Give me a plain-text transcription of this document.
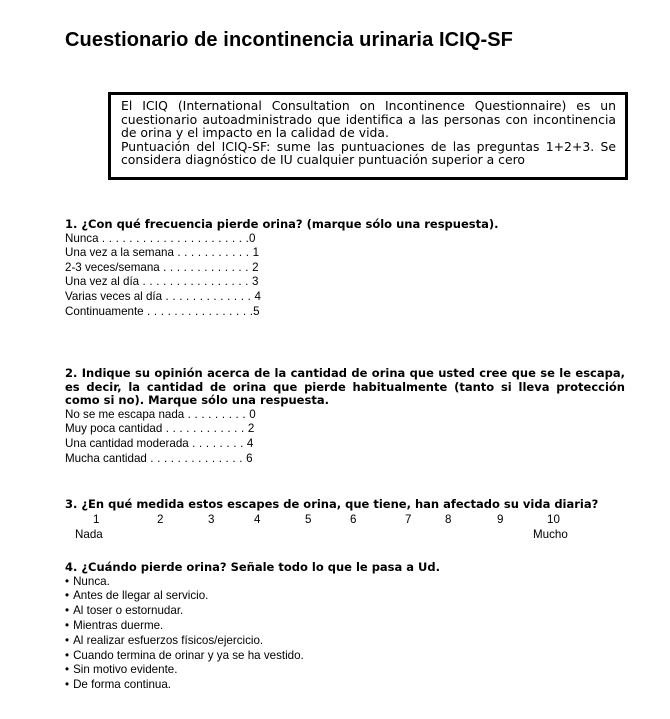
Cuestionario de incontinencia urinaria ICIQ-SF

El ICIQ (International Consultation on Incontinence Questionnaire) es un cuestionario autoadministrado que identifica a las personas con incontinencia de orina y el impacto en la calidad de vida.

Puntuación del ICIQ-SF: sume las puntuaciones de las preguntas 1+2+3. Se considera diagnóstico de IU cualquier puntuación superior a cero

1. ¿Con qué frecuencia pierde orina? (marque sólo una respuesta).

Nunca . . . . . . . . . . . . . . . . . . . . . .0
Una vez a la semana . . . . . . . . . . . 1
2-3 veces/semana . . . . . . . . . . . . . 2
Una vez al día . . . . . . . . . . . . . . . . 3
Varias veces al día . . . . . . . . . . . . . 4
Continuamente . . . . . . . . . . . . . . . .5

2. Indique su opinión acerca de la cantidad de orina que usted cree que se le escapa, es decir, la cantidad de orina que pierde habitualmente (tanto si lleva protección como si no). Marque sólo una respuesta.

No se me escapa nada . . . . . . . . . 0
Muy poca cantidad . . . . . . . . . . . . 2
Una cantidad moderada . . . . . . . . 4
Mucha cantidad . . . . . . . . . . . . . . 6

3. ¿En qué medida estos escapes de orina, que tiene, han afectado su vida diaria?

1	2	3	4	5	6	7	8	9	10
Nada	Mucho

4. ¿Cuándo pierde orina? Señale todo lo que le pasa a Ud.

• Nunca.
• Antes de llegar al servicio.
• Al toser o estornudar.
• Mientras duerme.
• Al realizar esfuerzos físicos/ejercicio.
• Cuando termina de orinar y ya se ha vestido.
• Sin motivo evidente.
• De forma continua.
